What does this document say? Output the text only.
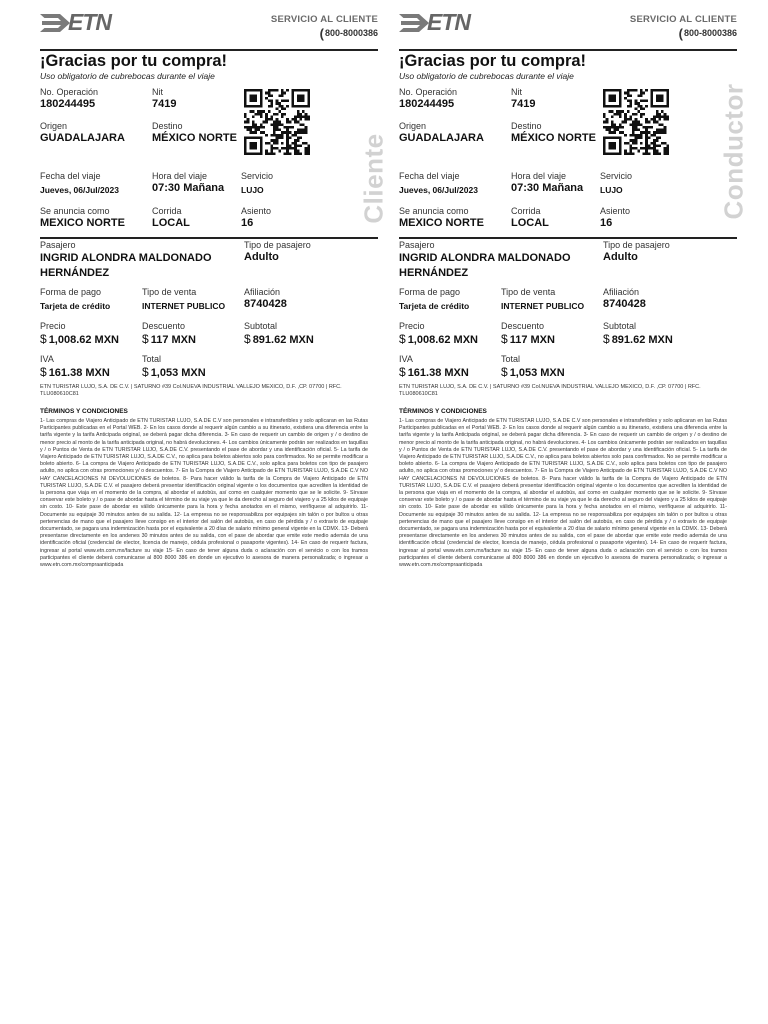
ETN	SERVICIO AL CLIENTE
(800-8000386
¡Gracias por tu compra!
Uso obligatorio de cubrebocas durante el viaje
No. Operación
180244495
Nit
7419
Origen
GUADALAJARA
Destino
MÉXICO NORTE	Cliente
Fecha del viaje
Jueves, 06/Jul/2023
Hora del viaje
07:30 Mañana
Servicio
LUJO
Se anuncia como
MEXICO NORTE
Corrida
LOCAL
Asiento
16
Pasajero
INGRID ALONDRA MALDONADO HERNÁNDEZ
Tipo de pasajero
Adulto
Forma de pago
Tarjeta de crédito
Tipo de venta
INTERNET PUBLICO
Afiliación
8740428
Precio
$ 1,008.62 MXN
Descuento
$ 117 MXN
Subtotal
$ 891.62 MXN
IVA
$ 161.38 MXN
Total
$ 1,053 MXN
ETN TURISTAR LUJO, S.A. DE C.V. | SATURNO #39 Col.NUEVA INDUSTRIAL VALLEJO MEXICO, D.F. ,CP. 07700 | RFC. TLU080610C81
TÉRMINOS Y CONDICIONES
1- Las compras de Viajero Anticipado de ETN TURISTAR LUJO, S.A.DE C.V son personales e intransferibles y solo aplicaran en las Rutas Participantes publicadas en el Portal WEB. 2- En los casos donde al requerir algún cambio a su itinerario, existiera una diferencia entre la tarifa vigente y la tarifa Anticipada original, se deberá pagar dicha diferencia. 3- En caso de requerir un cambio de origen y / o destino de menor precio al monto de la tarifa anticipada original, no habrá devoluciones. 4- Los cambios únicamente podrán ser realizados en taquillas y / o Puntos de Venta de ETN TURISTAR LUJO, S.A.DE C.V. presentando el pase de abordar y una identificación oficial. 5- La tarifa de Viajero Anticipado de ETN TURISTAR LUJO, S.A.DE C.V., no aplica para boletos abiertos solo para confirmados. No se permite modificar a boleto abierto. 6- La compra de Viajero Anticipado de ETN TURISTAR LUJO, S.A.DE C.V., solo aplica para boletos con tipo de pasajero adulto, no aplica con otras promociones y/ o descuentos. 7- En la Compra de Viajero Anticipado de ETN TURISTAR LUJO, S.A.DE C.V NO HAY CANCELACIONES NI DEVOLUCIONES de boletos. 8- Para hacer válido la tarifa de la Compra de Viajero Anticipado de ETN TURISTAR LUJO, S.A.DE C.V. el pasajero deberá presentar identificación original vigente o los documentos que acrediten la identidad de la persona que viaja en el momento de la compra, al abordar el autobús, así como en cualquier momento que se le solicite. 9- Sírvase conservar este boleto y / o pase de abordar hasta el término de su viaje ya que le da derecho al seguro del viajero y a 25 kilos de equipaje sin costo. 10- Este pase de abordar es válido únicamente para la hora y fecha anotados en el mismo, verifíquese al adquirirlo. 11- Documente su equipaje 30 minutos antes de su salida. 12- La empresa no se responsabiliza por equipajes sin talón o por bultos u otras pertenencias de mano que el pasajero lleve consigo en el interior del salón del autobús, en caso de pérdida y / o extravío de equipaje documentado, se pagara una indemnización hasta por el equivalente a 20 días de salario mínimo general vigente en la CDMX. 13- Deberá presentarse directamente en los andenes 30 minutos antes de su salida, con el pase de abordar que emite este medio además de una identificación oficial (credencial de elector, licencia de manejo, cédula profesional o pasaporte vigentes). 14- En caso de requerir factura, ingresar al portal www.etn.com.mx/facture su viaje 15- En caso de tener alguna duda o aclaración con el servicio o con los tramos participantes el cliente deberá comunicarse al 800 8000 386 en donde un ejecutivo lo asesora de manera personalizada; o ingresar a www.etn.com.mx/compraanticipada
ETN	SERVICIO AL CLIENTE
(800-8000386
¡Gracias por tu compra!
Uso obligatorio de cubrebocas durante el viaje
No. Operación
180244495
Nit
7419
Origen
GUADALAJARA
Destino
MÉXICO NORTE	Conductor
Fecha del viaje
Jueves, 06/Jul/2023
Hora del viaje
07:30 Mañana
Servicio
LUJO
Se anuncia como
MEXICO NORTE
Corrida
LOCAL
Asiento
16
Pasajero
INGRID ALONDRA MALDONADO HERNÁNDEZ
Tipo de pasajero
Adulto
Forma de pago
Tarjeta de crédito
Tipo de venta
INTERNET PUBLICO
Afiliación
8740428
Precio
$ 1,008.62 MXN
Descuento
$ 117 MXN
Subtotal
$ 891.62 MXN
IVA
$ 161.38 MXN
Total
$ 1,053 MXN
ETN TURISTAR LUJO, S.A. DE C.V. | SATURNO #39 Col.NUEVA INDUSTRIAL VALLEJO MEXICO, D.F. ,CP. 07700 | RFC. TLU080610C81
TÉRMINOS Y CONDICIONES
1- Las compras de Viajero Anticipado de ETN TURISTAR LUJO, S.A.DE C.V son personales e intransferibles y solo aplicaran en las Rutas Participantes publicadas en el Portal WEB. 2- En los casos donde al requerir algún cambio a su itinerario, existiera una diferencia entre la tarifa vigente y la tarifa Anticipada original, se deberá pagar dicha diferencia. 3- En caso de requerir un cambio de origen y / o destino de menor precio al monto de la tarifa anticipada original, no habrá devoluciones. 4- Los cambios únicamente podrán ser realizados en taquillas y / o Puntos de Venta de ETN TURISTAR LUJO, S.A.DE C.V. presentando el pase de abordar y una identificación oficial. 5- La tarifa de Viajero Anticipado de ETN TURISTAR LUJO, S.A.DE C.V., no aplica para boletos abiertos solo para confirmados. No se permite modificar a boleto abierto. 6- La compra de Viajero Anticipado de ETN TURISTAR LUJO, S.A.DE C.V., solo aplica para boletos con tipo de pasajero adulto, no aplica con otras promociones y/ o descuentos. 7- En la Compra de Viajero Anticipado de ETN TURISTAR LUJO, S.A.DE C.V NO HAY CANCELACIONES NI DEVOLUCIONES de boletos. 8- Para hacer válido la tarifa de la Compra de Viajero Anticipado de ETN TURISTAR LUJO, S.A.DE C.V. el pasajero deberá presentar identificación original vigente o los documentos que acrediten la identidad de la persona que viaja en el momento de la compra, al abordar el autobús, así como en cualquier momento que se le solicite. 9- Sírvase conservar este boleto y / o pase de abordar hasta el término de su viaje ya que le da derecho al seguro del viajero y a 25 kilos de equipaje sin costo. 10- Este pase de abordar es válido únicamente para la hora y fecha anotados en el mismo, verifíquese al adquirirlo. 11- Documente su equipaje 30 minutos antes de su salida. 12- La empresa no se responsabiliza por equipajes sin talón o por bultos u otras pertenencias de mano que el pasajero lleve consigo en el interior del salón del autobús, en caso de pérdida y / o extravío de equipaje documentado, se pagara una indemnización hasta por el equivalente a 20 días de salario mínimo general vigente en la CDMX. 13- Deberá presentarse directamente en los andenes 30 minutos antes de su salida, con el pase de abordar que emite este medio además de una identificación oficial (credencial de elector, licencia de manejo, cédula profesional o pasaporte vigentes). 14- En caso de requerir factura, ingresar al portal www.etn.com.mx/facture su viaje 15- En caso de tener alguna duda o aclaración con el servicio o con los tramos participantes el cliente deberá comunicarse al 800 8000 386 en donde un ejecutivo lo asesora de manera personalizada; o ingresar a www.etn.com.mx/compraanticipada
